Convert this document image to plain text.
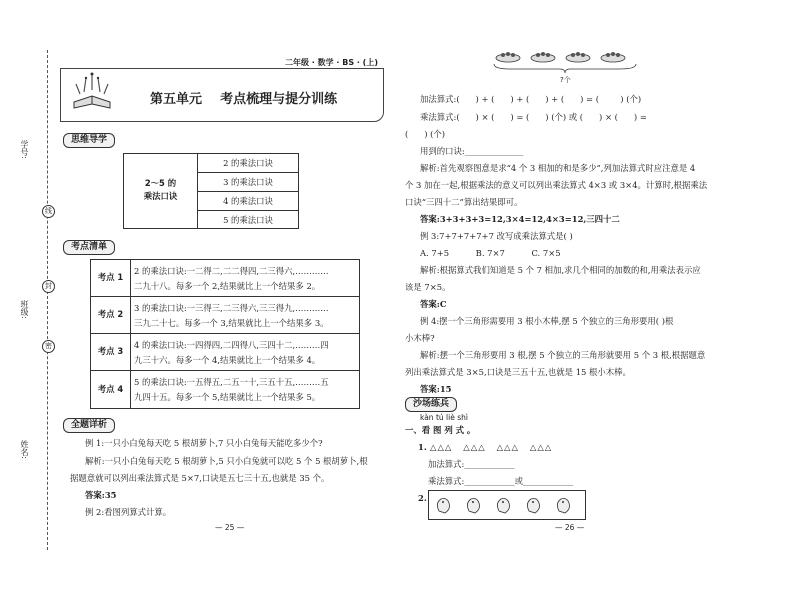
学号:
班级:
姓名:
线
封
密
二年级 · 数学 · BS · (上)
第五单元    考点梳理与提分训练
思维导学
2～5 的
乘法口诀
2 的乘法口诀
3 的乘法口诀
4 的乘法口诀
5 的乘法口诀
考点清单
考点 1
2 的乘法口诀:一二得二,二二得四,二三得六,…………
二九十八。每多一个 2,结果就比上一个结果多 2。
考点 2
3 的乘法口诀:一三得三,二三得六,三三得九,…………
三九二十七。每多一个 3,结果就比上一个结果多 3。
考点 3
4 的乘法口诀:一四得四,二四得八,三四十二,………四
九三十六。每多一个 4,结果就比上一个结果多 4。
考点 4
5 的乘法口诀:一五得五,二五一十,三五十五,………五
九四十五。每多一个 5,结果就比上一个结果多 5。
全题详析
例 1:一只小白兔每天吃 5 根胡萝卜,7 只小白兔每天能吃多少个?
解析:一只小白兔每天吃 5 根胡萝卜,5 只小白兔就可以吃 5 个 5 根胡萝卜,根
据题意就可以列出乘法算式是 5×7,口诀是五七三十五,也就是 35 个。
答案:35
例 2:看图列算式计算。
— 25 —
?个
加法算式:(      ) + (      ) + (      ) + (      ) = (        ) (个)
乘法算式:(      ) × (      ) = (      ) (个) 或 (      ) × (      ) =
(      ) (个)
用到的口诀:______________
解析:首先观察图意是求“4 个 3 相加的和是多少”,列加法算式时应注意是 4
个 3 加在一起,根据乘法的意义可以列出乘法算式 4×3 或 3×4。计算时,根据乘法
口诀“三四十二”算出结果即可。
答案:3+3+3+3=12,3×4=12,4×3=12,三四十二
例 3:7+7+7+7+7 改写成乘法算式是( )
A. 7+5          B. 7×7          C. 7×5
解析:根据算式我们知道是 5 个 7 相加,求几个相同的加数的和,用乘法表示应
该是 7×5。
答案:C
例 4:摆一个三角形需要用 3 根小木棒,摆 5 个独立的三角形要用( )根
小木棒?
解析:摆一个三角形要用 3 根,摆 5 个独立的三角形就要用 5 个 3 根,根据题意
列出乘法算式是 3×5,口诀是三五十五,也就是 15 根小木棒。
答案:15
沙场练兵
kàn tú liè shì
一、看 图 列 式 。
1. △△△   △△△   △△△   △△△
加法算式:____________
乘法算式:____________或____________
2.
— 26 —
